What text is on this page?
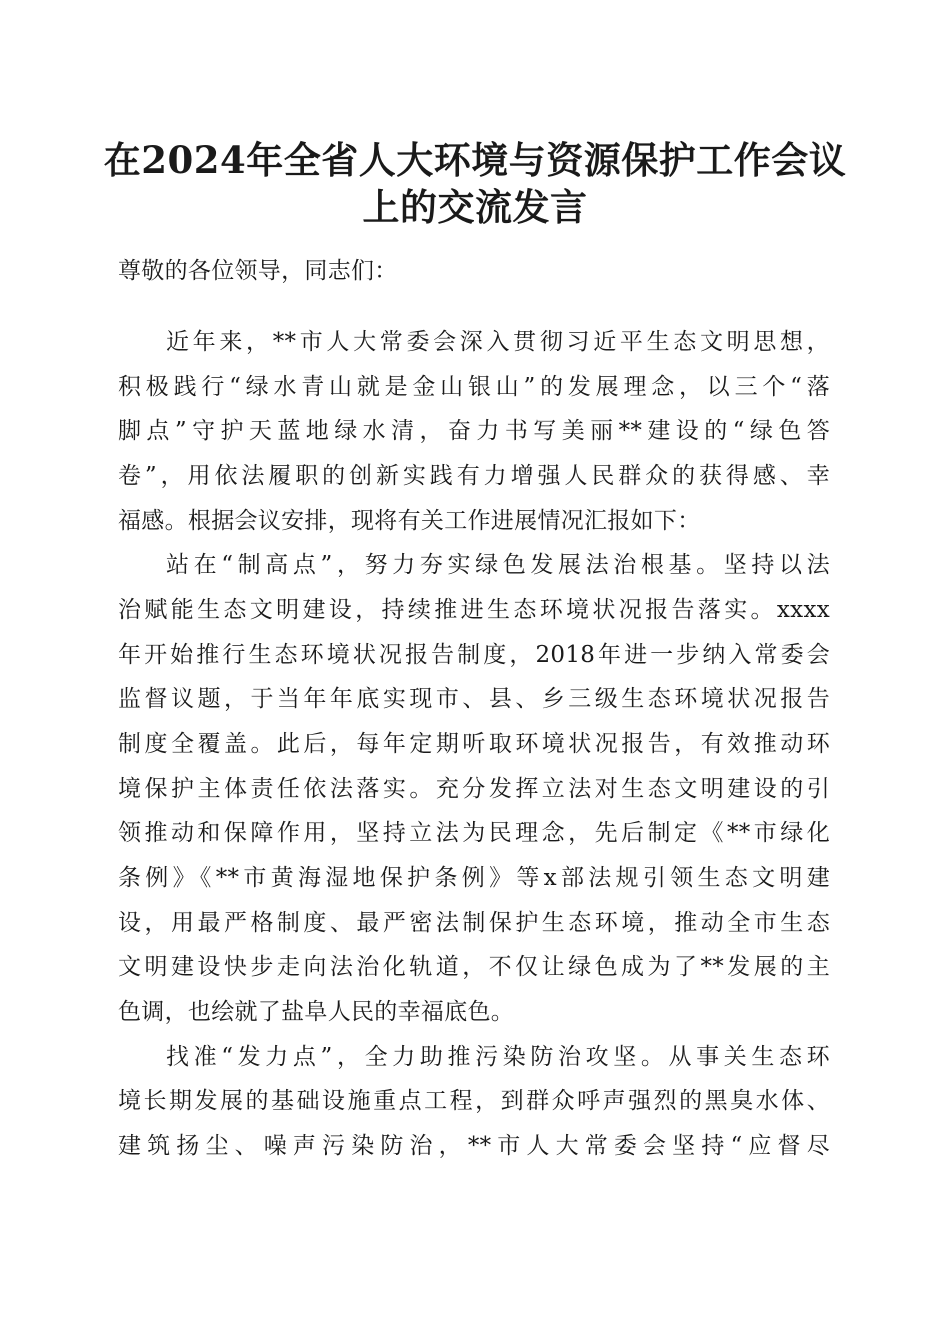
在2024年全省人大环境与资源保护工作会议
上的交流发言
尊敬的各位领导，同志们：
近年来，**市人大常委会深入贯彻习近平生态文明思想，
积极践行“绿水青山就是金山银山”的发展理念，以三个“落
脚点”守护天蓝地绿水清，奋力书写美丽**建设的“绿色答
卷”，用依法履职的创新实践有力增强人民群众的获得感、幸
福感。根据会议安排，现将有关工作进展情况汇报如下：
站在“制高点”，努力夯实绿色发展法治根基。坚持以法
治赋能生态文明建设，持续推进生态环境状况报告落实。xxxx
年开始推行生态环境状况报告制度，2018年进一步纳入常委会
监督议题，于当年年底实现市、县、乡三级生态环境状况报告
制度全覆盖。此后，每年定期听取环境状况报告，有效推动环
境保护主体责任依法落实。充分发挥立法对生态文明建设的引
领推动和保障作用，坚持立法为民理念，先后制定《**市绿化
条例》《**市黄海湿地保护条例》等x部法规引领生态文明建
设，用最严格制度、最严密法制保护生态环境，推动全市生态
文明建设快步走向法治化轨道，不仅让绿色成为了**发展的主
色调，也绘就了盐阜人民的幸福底色。
找准“发力点”，全力助推污染防治攻坚。从事关生态环
境长期发展的基础设施重点工程，到群众呼声强烈的黑臭水体、
建筑扬尘、噪声污染防治，**市人大常委会坚持“应督尽
